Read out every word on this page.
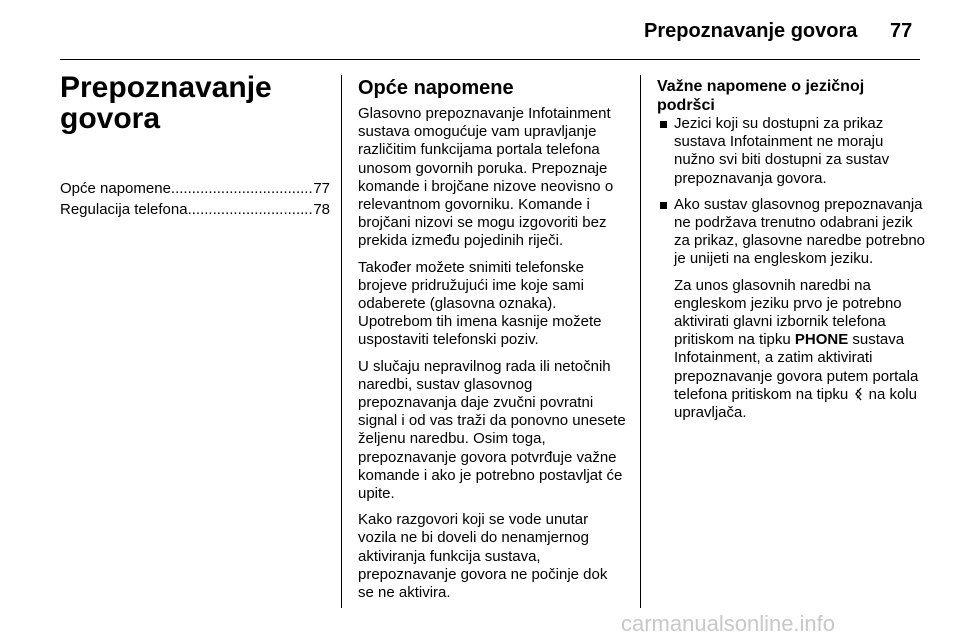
Prepoznavanje govora 77
Prepoznavanje
govora
Opće napomene .....	77
Regulacija telefona .....	78
Opće napomene

Glasovno prepoznavanje Infotainment sustava omogućuje vam upravljanje različitim funkcijama portala telefona unosom govornih poruka. Prepoznaje komande i brojčane nizove neovisno o relevantnom govorniku. Komande i brojčani nizovi se mogu izgovoriti bez prekida između pojedinih riječi.

Također možete snimiti telefonske brojeve pridružujući ime koje sami odaberete (glasovna oznaka). Upotrebom tih imena kasnije možete uspostaviti telefonski poziv.

U slučaju nepravilnog rada ili netočnih naredbi, sustav glasovnog prepoznavanja daje zvučni povratni signal i od vas traži da ponovno unesete željenu naredbu. Osim toga, prepoznavanje govora potvrđuje važne komande i ako je potrebno postavljat će upite.

Kako razgovori koji se vode unutar vozila ne bi doveli do nenamjernog aktiviranja funkcija sustava, prepoznavanje govora ne počinje dok se ne aktivira.

Važne napomene o jezičnoj podršci
Jezici koji su dostupni za prikaz sustava Infotainment ne moraju nužno svi biti dostupni za sustav prepoznavanja govora.

Ako sustav glasovnog prepoznavanja ne podržava trenutno odabrani jezik za prikaz, glasovne naredbe potrebno je unijeti na engleskom jeziku.

Za unos glasovnih naredbi na engleskom jeziku prvo je potrebno aktivirati glavni izbornik telefona pritiskom na tipku PHONE sustava Infotainment, a zatim aktivirati prepoznavanje govora putem portala telefona pritiskom na tipku  na kolu upravljača.

carmanualsonline.info
